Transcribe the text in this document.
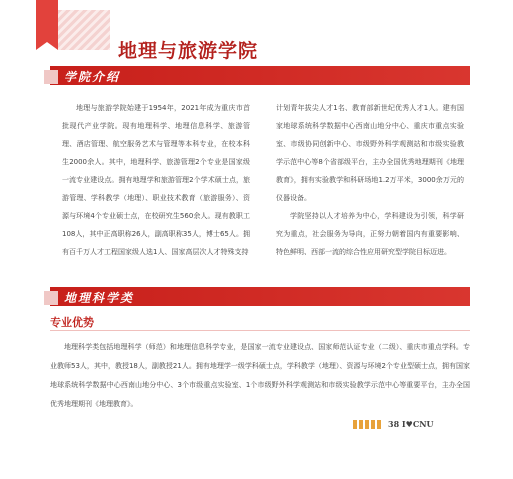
地理与旅游学院
学院介绍

地理与旅游学院始建于1954年，2021年成为重庆市首批现代产业学院。现有地理科学、地理信息科学、旅游管理、酒店管理、航空服务艺术与管理等本科专业，在校本科生2000余人。其中，地理科学、旅游管理2个专业是国家级一流专业建设点。拥有地理学和旅游管理2个学术硕士点，旅游管理、学科教学（地理）、职业技术教育（旅游服务）、资源与环境4个专业硕士点，在校研究生560余人。现有教职工108人，其中正高职称26人，副高职称35人，博士65人。拥有百千万人才工程国家级人选1人、国家高层次人才特殊支持

计划青年拔尖人才1名、教育部新世纪优秀人才1人。建有国家地球系统科学数据中心西南山地分中心、重庆市重点实验室、市级协同创新中心、市级野外科学观测站和市级实验教学示范中心等8个省部级平台，主办全国优秀地理期刊《地理教育》，拥有实验教学和科研场地1.2万平米，3000余万元的仪器设备。

学院坚持以人才培养为中心，学科建设为引领，科学研究为重点，社会服务为导向，正努力朝着国内有重要影响、特色鲜明、西部一流的综合性应用研究型学院目标迈进。

地理科学类
专业优势

地理科学类包括地理科学（师范）和地理信息科学专业，是国家一流专业建设点、国家师范认证专业（二级）、重庆市重点学科。专业教师53人，其中，教授18人，副教授21人。拥有地理学一级学科硕士点，学科教学（地理）、资源与环境2个专业型硕士点，拥有国家地球系统科学数据中心西南山地分中心、3个市级重点实验室、1个市级野外科学观测站和市级实验教学示范中心等重要平台，主办全国优秀地理期刊《地理教育》。

38 I♥CNU
